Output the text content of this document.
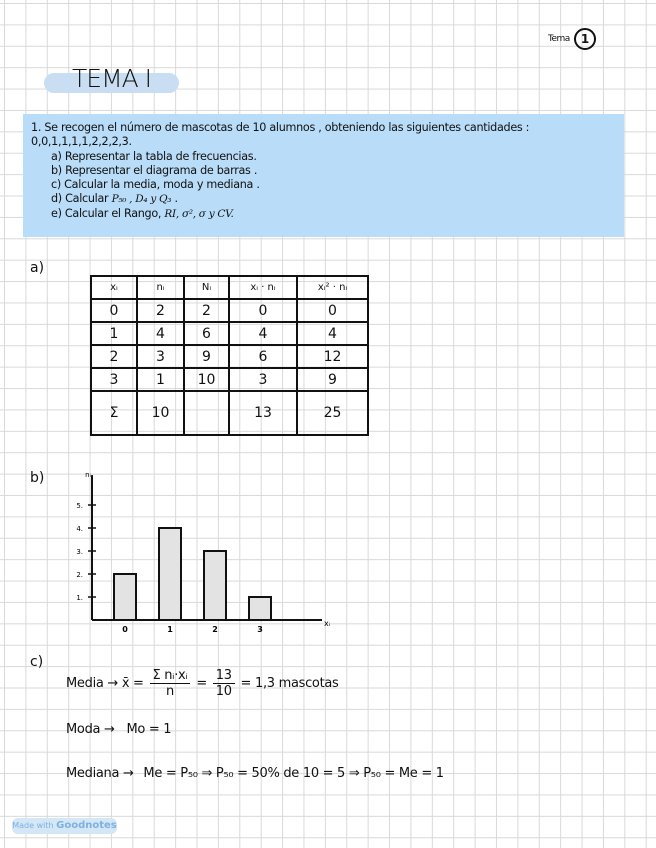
Tema 1
TEMA I
1. Se recogen el número de mascotas de 10 alumnos , obteniendo las siguientes cantidades :
0,0,1,1,1,1,2,2,2,3.
a) Representar la tabla de frecuencias.
b) Representar el diagrama de barras .
c) Calcular la media, moda y mediana .
d) Calcular P₅₀ , D₄ y Q₃ .
e) Calcular el Rango, RI, σ², σ y CV.
a)
xᵢ	nᵢ	Nᵢ	xᵢ · nᵢ	xᵢ² · nᵢ
0	2	2	0	0
1	4	6	4	4
2	3	9	6	12
3	1	10	3	9
Σ	10		13	25
b)
1.
2.
3.
4.
5.
0	1	2	3
xᵢ
nᵢ
c)
Media → x̄ = $\frac{\text{Σ nᵢ·xᵢ}}{n} = \frac{13}{10} = 1,3$ mascotas
Moda → Mo = 1
Mediana → Me = P₅₀ ⇒ P₅₀ = 50% de 10 = 5 ⇒ P₅₀ = Me = 1
Made with Goodnotes
